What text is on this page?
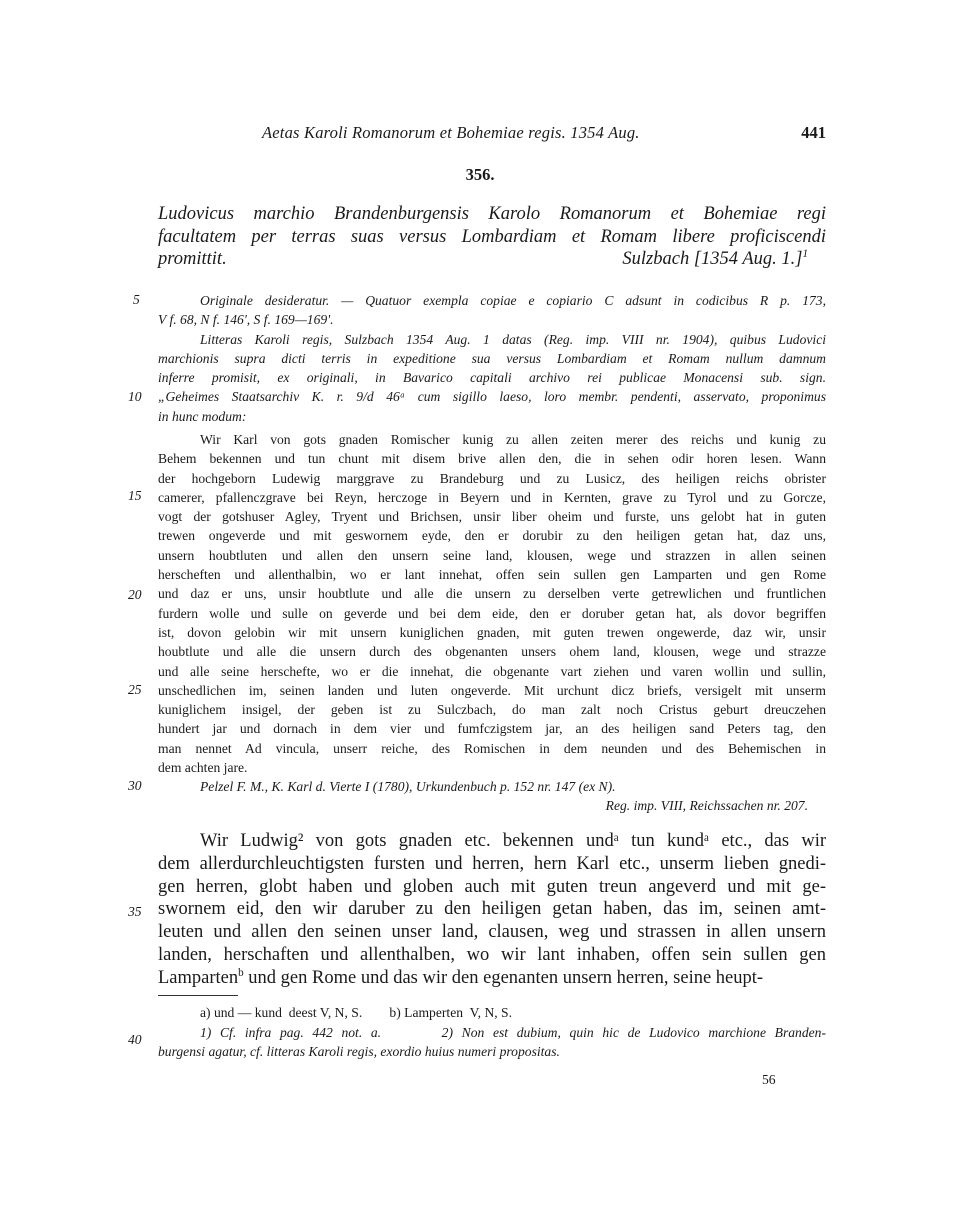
Aetas Karoli Romanorum et Bohemiae regis. 1354 Aug.	441
356.
Ludovicus marchio Brandenburgensis Karolo Romanorum et Bohemiae regi
facultatem per terras suas versus Lombardiam et Romam libere proficiscendi
promittit.	Sulzbach [1354 Aug. 1.]$^1$
5
10
15
20
25
30
35
40
Originale desideratur. — Quatuor exempla copiae e copiario C adsunt in codicibus R p. 173,
V f. 68, N f. 146', S f. 169—169'.
Litteras Karoli regis, Sulzbach 1354 Aug. 1 datas (Reg. imp. VIII nr. 1904), quibus Ludovici
marchionis supra dicti terris in expeditione sua versus Lombardiam et Romam nullum damnum
inferre promisit, ex originali, in Bavarico capitali archivo rei publicae Monacensi sub. sign.
„Geheimes Staatsarchiv K. r. 9/d 46ᵃ cum sigillo laeso, loro membr. pendenti, asservato, proponimus
in hunc modum:
Wir Karl von gots gnaden Romischer kunig zu allen zeiten merer des reichs und kunig zu
Behem bekennen und tun chunt mit disem brive allen den, die in sehen odir horen lesen. Wann
der hochgeborn Ludewig marggrave zu Brandeburg und zu Lusicz, des heiligen reichs obrister
camerer, pfallenczgrave bei Reyn, herczoge in Beyern und in Kernten, grave zu Tyrol und zu Gorcze,
vogt der gotshuser Agley, Tryent und Brichsen, unsir liber oheim und furste, uns gelobt hat in guten
trewen ongeverde und mit geswornem eyde, den er dorubir zu den heiligen getan hat, daz uns,
unsern houbtluten und allen den unsern seine land, klousen, wege und strazzen in allen seinen
herscheften und allenthalbin, wo er lant innehat, offen sein sullen gen Lamparten und gen Rome
und daz er uns, unsir houbtlute und alle die unsern zu derselben verte getrewlichen und fruntlichen
furdern wolle und sulle on geverde und bei dem eide, den er doruber getan hat, als dovor begriffen
ist, dovon gelobin wir mit unsern kuniglichen gnaden, mit guten trewen ongewerde, daz wir, unsir
houbtlute und alle die unsern durch des obgenanten unsers ohem land, klousen, wege und strazze
und alle seine herschefte, wo er die innehat, die obgenante vart ziehen und varen wollin und sullin,
unschedlichen im, seinen landen und luten ongeverde. Mit urchunt dicz briefs, versigelt mit unserm
kuniglichem insigel, der geben ist zu Sulczbach, do man zalt noch Cristus geburt dreuczehen
hundert jar und dornach in dem vier und fumfczigstem jar, an des heiligen sand Peters tag, den
man nennet Ad vincula, unserr reiche, des Romischen in dem neunden und des Behemischen in
dem achten jare.
Pelzel F. M., K. Karl d. Vierte I (1780), Urkundenbuch p. 152 nr. 147 (ex N).
Reg. imp. VIII, Reichssachen nr. 207.
Wir Ludwig² von gots gnaden etc. bekennen undᵃ tun kundᵃ etc., das wir
dem allerdurchleuchtigsten fursten und herren, hern Karl etc., unserm lieben gnedi-
gen herren, globt haben und globen auch mit guten treun angeverd und mit ge-
swornem eid, den wir daruber zu den heiligen getan haben, das im, seinen amt-
leuten und allen den seinen unser land, clausen, weg und strassen in allen unsern
landen, herschaften und allenthalben, wo wir lant inhaben, offen sein sullen gen
Lamparten$^b$ und gen Rome und das wir den egenanten unsern herren, seine heupt-
a) und — kund  deest V, N, S.        b) Lamperten  V, N, S.
1) Cf. infra pag. 442 not. a.       2) Non est dubium, quin hic de Ludovico marchione Branden-
burgensi agatur, cf. litteras Karoli regis, exordio huius numeri propositas.
56
